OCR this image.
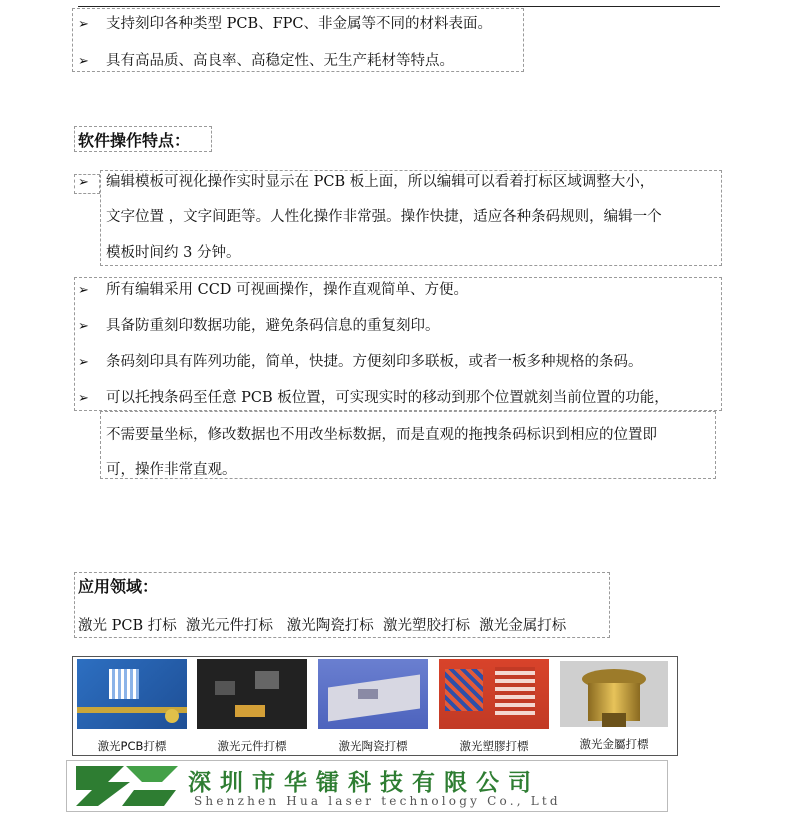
➢ 支持刻印各种类型 PCB、FPC、非金属等不同的材料表面。
➢ 具有高品质、高良率、高稳定性、无生产耗材等特点。
软件操作特点：
➢ 编辑模板可视化操作实时显示在 PCB 板上面，所以编辑可以看着打标区域调整大小，
文字位置 ，文字间距等。人性化操作非常强。操作快捷，适应各种条码规则，编辑一个
模板时间约 3 分钟。
➢ 所有编辑采用 CCD 可视画操作，操作直观简单、方便。
➢ 具备防重刻印数据功能，避免条码信息的重复刻印。
➢ 条码刻印具有阵列功能，简单，快捷。方便刻印多联板，或者一板多种规格的条码。
➢ 可以托拽条码至任意 PCB 板位置，可实现实时的移动到那个位置就刻当前位置的功能，
不需要量坐标，修改数据也不用改坐标数据，而是直观的拖拽条码标识到相应的位置即
可，操作非常直观。
应用领域：
激光 PCB 打标  激光元件打标   激光陶瓷打标  激光塑胶打标  激光金属打标
激光PCB打標	激光元件打標	激光陶瓷打標	激光塑膠打標	激光金屬打標
深圳市华镭科技有限公司
Shenzhen Hua laser technology Co., Ltd
